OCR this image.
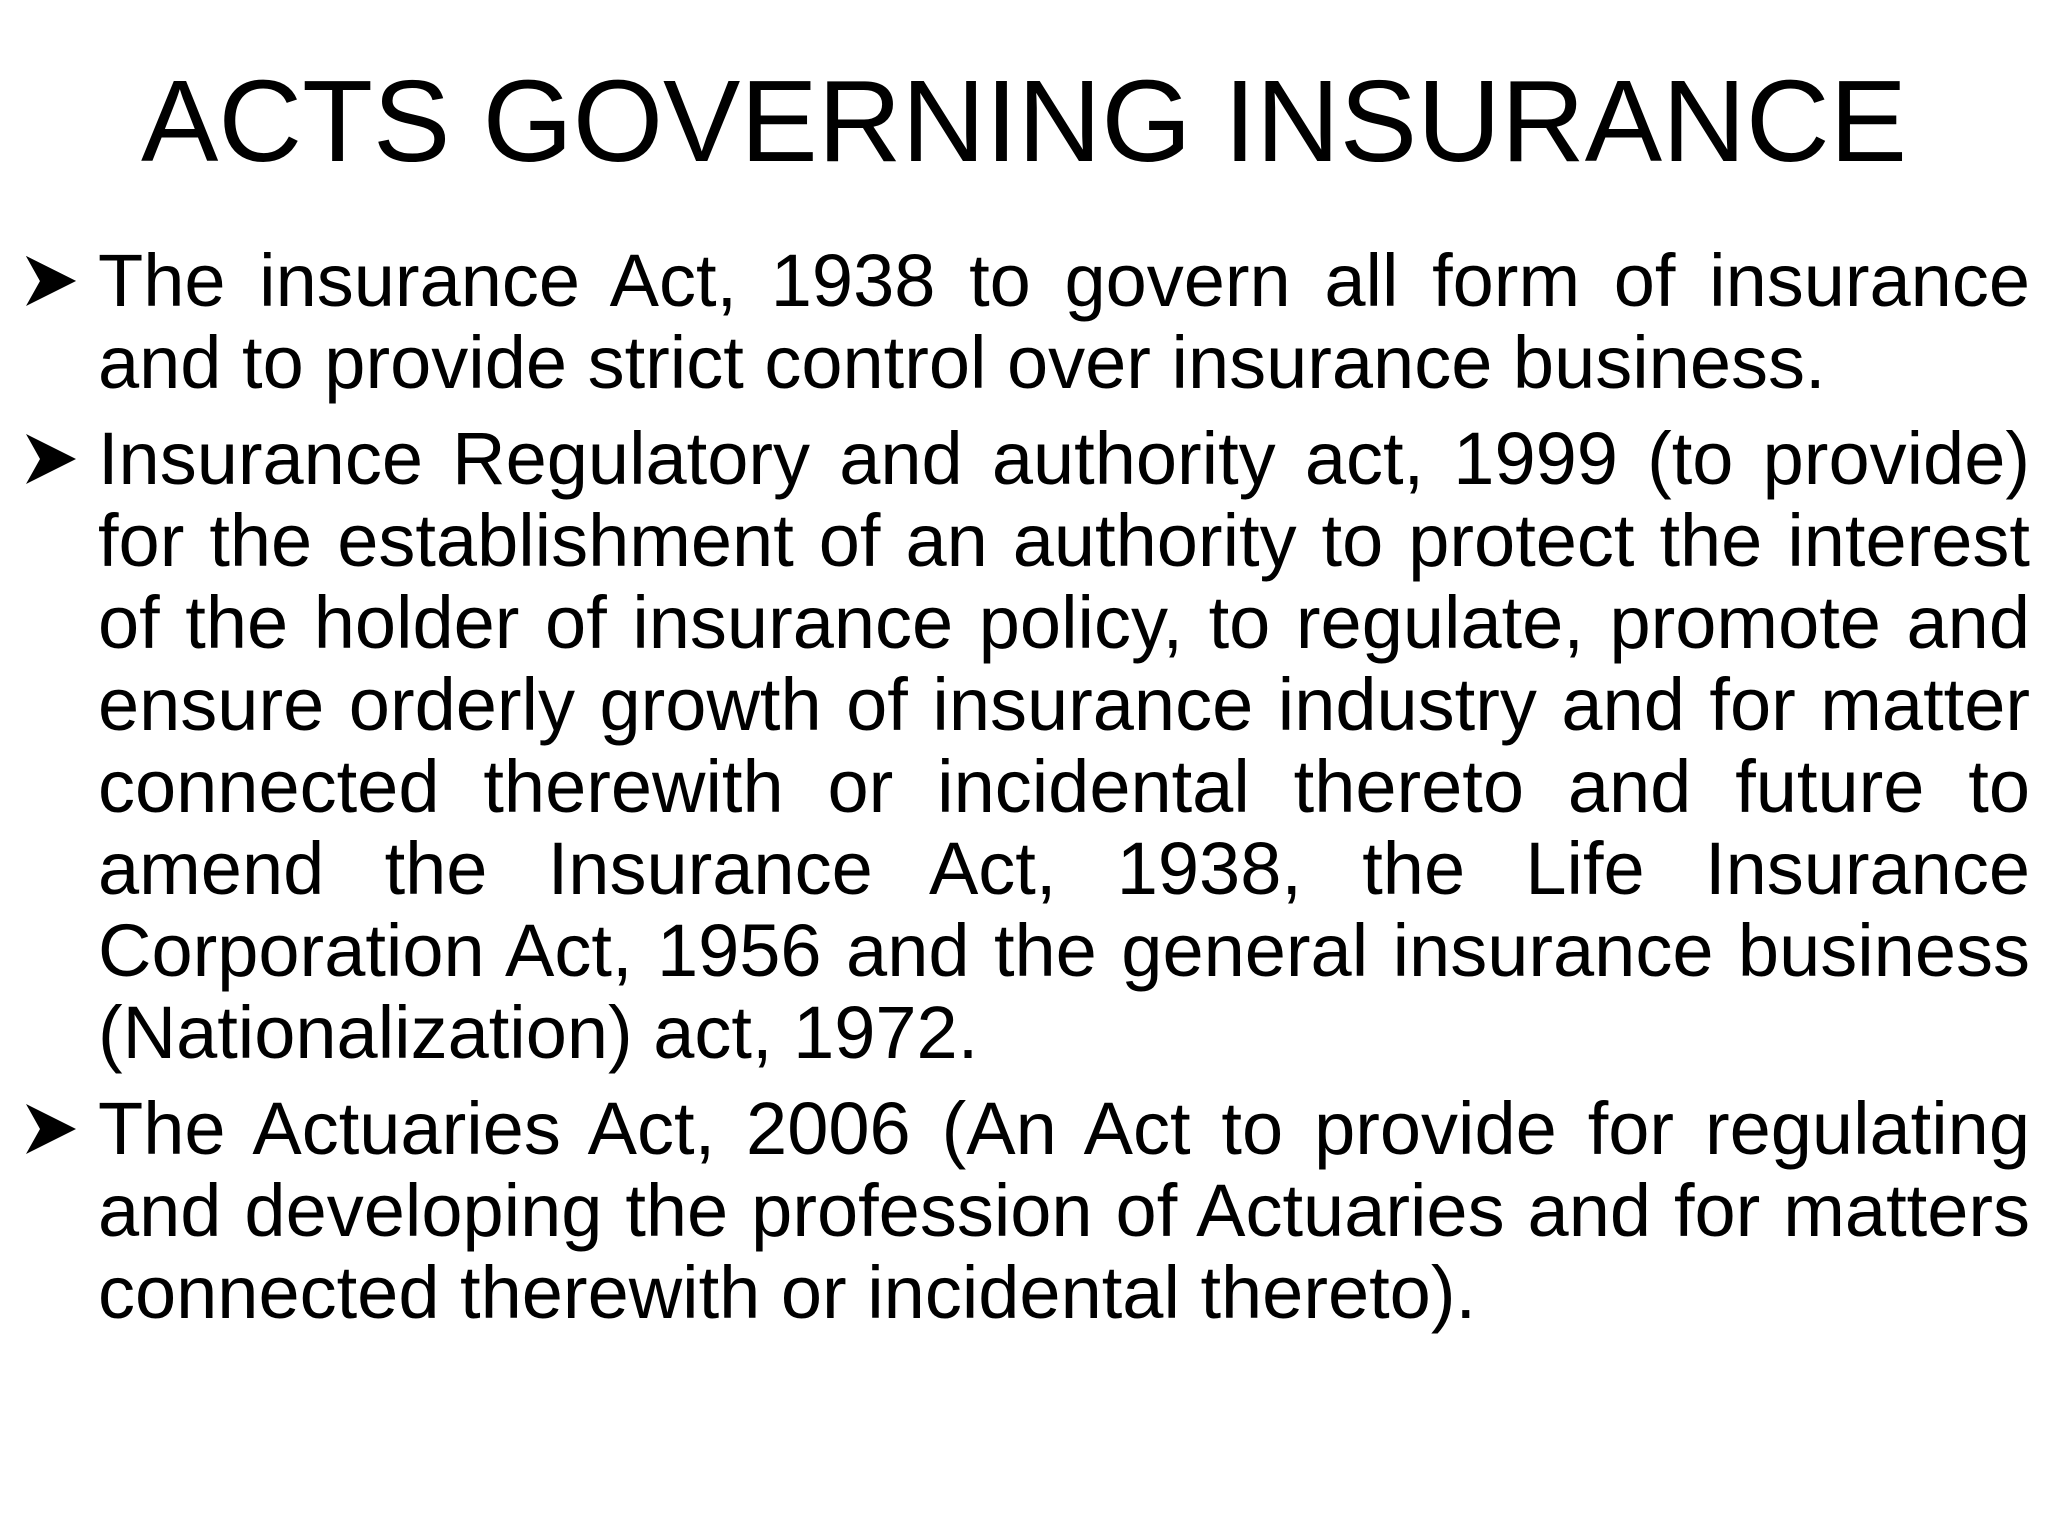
ACTS GOVERNING INSURANCE
The insurance Act, 1938 to govern all form of insurance and to provide strict control over insurance business.
Insurance Regulatory and authority act, 1999 (to provide) for the establishment of an authority to protect the interest of the holder of insurance policy, to regulate, promote and ensure orderly growth of insurance industry and for matter connected therewith or incidental thereto and future to amend the Insurance Act, 1938, the Life Insurance Corporation Act, 1956 and the general insurance business (Nationalization) act, 1972.
The Actuaries Act, 2006 (An Act to provide for regulating and developing the profession of Actuaries and for matters connected therewith or incidental thereto).
